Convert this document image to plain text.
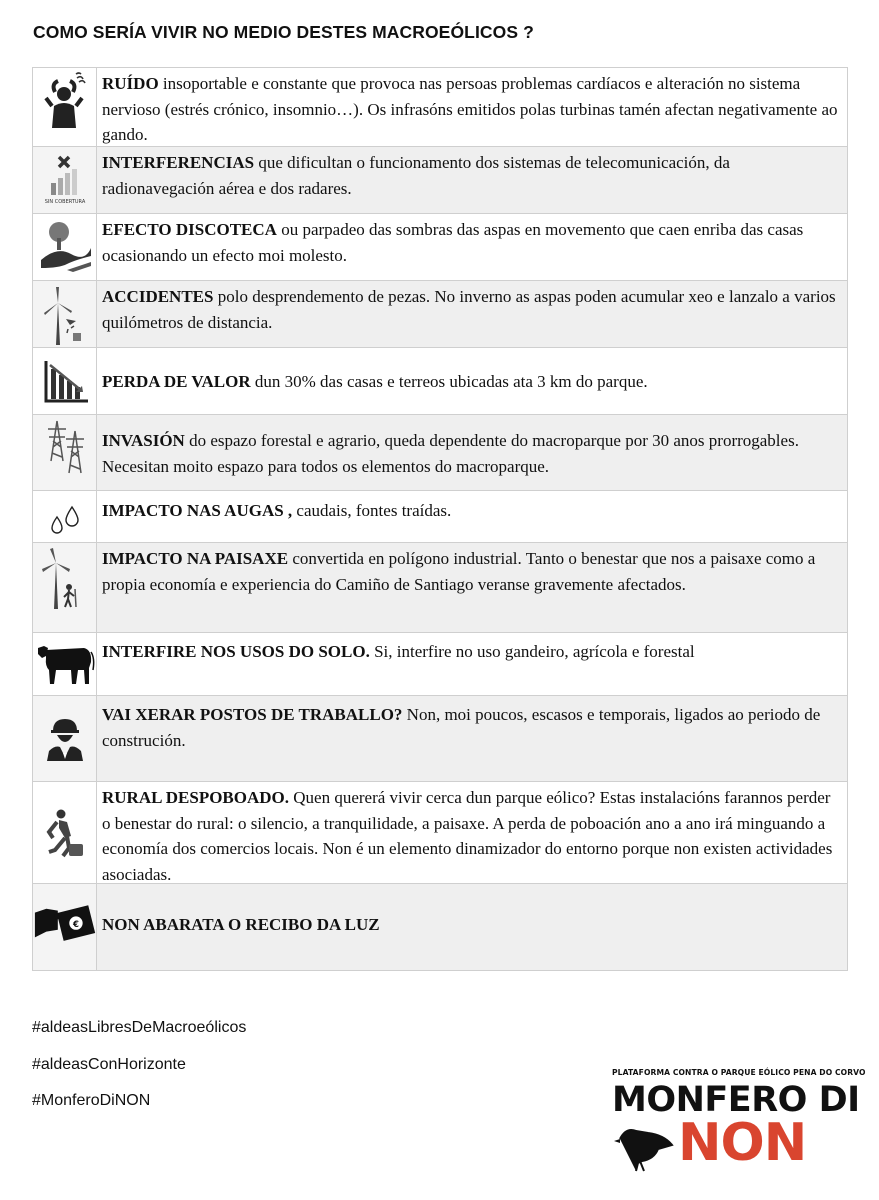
COMO SERÍA VIVIR NO MEDIO DESTES MACROEÓLICOS ?
RUÍDO insoportable e constante que provoca nas persoas problemas cardíacos e alteración no sistema nervioso (estrés crónico, insomnio…). Os infrasóns emitidos polas turbinas tamén afectan negativamente ao gando.
SIN COBERTURA
INTERFERENCIAS que dificultan o funcionamento dos sistemas de telecomunicación, da radionavegación aérea e dos radares.
EFECTO DISCOTECA ou parpadeo das sombras das aspas en movemento que caen enriba das casas ocasionando un efecto moi molesto.
ACCIDENTES polo desprendemento de pezas. No inverno as aspas poden acumular xeo e lanzalo a varios quilómetros de distancia.
PERDA DE VALOR dun 30% das casas e terreos ubicadas ata 3 km do parque.
INVASIÓN do espazo forestal e agrario, queda dependente do macroparque por 30 anos prorrogables. Necesitan moito espazo para todos os elementos do macroparque.
IMPACTO NAS AUGAS , caudais, fontes traídas.
IMPACTO NA PAISAXE convertida en polígono industrial. Tanto o benestar que nos a paisaxe como a propia economía e experiencia do Camiño de Santiago veranse gravemente afectados.
INTERFIRE NOS USOS DO SOLO. Si, interfire no uso gandeiro, agrícola e forestal
VAI XERAR POSTOS DE TRABALLO? Non, moi poucos, escasos e temporais, ligados ao periodo de construción.
RURAL DESPOBOADO. Quen quererá vivir cerca dun parque eólico? Estas instalacións farannos perder o benestar do rural: o silencio, a tranquilidade, a paisaxe. A perda de poboación ano a ano irá minguando a economía dos comercios locais. Non é un elemento dinamizador do entorno porque non existen actividades asociadas.
€ NON ABARATA O RECIBO DA LUZ
#aldeasLibresDeMacroeólicos
#aldeasConHorizonte
#MonferoDiNON
PLATAFORMA CONTRA O PARQUE EÓLICO PENA DO CORVO
MONFERO DI
NON
